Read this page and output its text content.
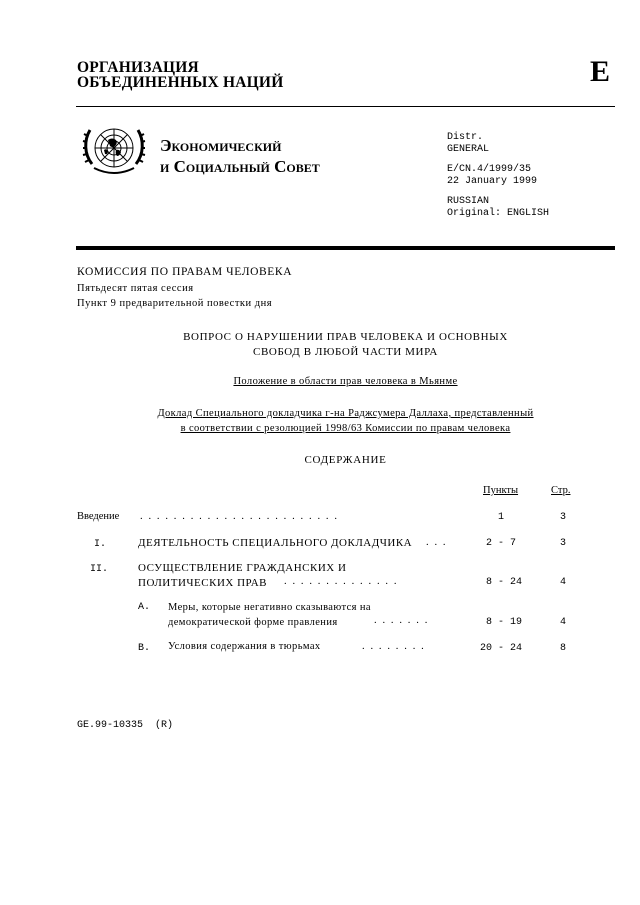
ОРГАНИЗАЦИЯ
ОБЪЕДИНЕННЫХ НАЦИЙ	E
Экономический
и Социальный Совет
Distr.
GENERAL
E/CN.4/1999/35
22 January 1999
RUSSIAN
Original: ENGLISH
КОМИССИЯ ПО ПРАВАМ ЧЕЛОВЕКА
Пятьдесят пятая сессия
Пункт 9 предварительной повестки дня
ВОПРОС О НАРУШЕНИИ ПРАВ ЧЕЛОВЕКА И ОСНОВНЫХ
СВОБОД В ЛЮБОЙ ЧАСТИ МИРА
Положение в области прав человека в Мьянме
Доклад Специального докладчика г-на Раджсумера Даллаха, представленный
в соответствии с резолюцией 1998/63 Комиссии по правам человека
СОДЕРЖАНИЕ
Пункты	Стр.
Введение . . . . . . . . . . . . . . . . . . . . . . . .	1	3
I.	ДЕЯТЕЛЬНОСТЬ СПЕЦИАЛЬНОГО ДОКЛАДЧИКА . . .	2 - 7	3
II.	ОСУЩЕСТВЛЕНИЕ ГРАЖДАНСКИХ И
ПОЛИТИЧЕСКИХ ПРАВ	. . . . . . . . . . . . . .	8 - 24	4
A. Меры, которые негативно сказываются на
демократической форме правления	. . . . . . .	8 - 19	4
B. Условия содержания в тюрьмах	. . . . . . . .	20 - 24	8
GE.99-10335  (R)
